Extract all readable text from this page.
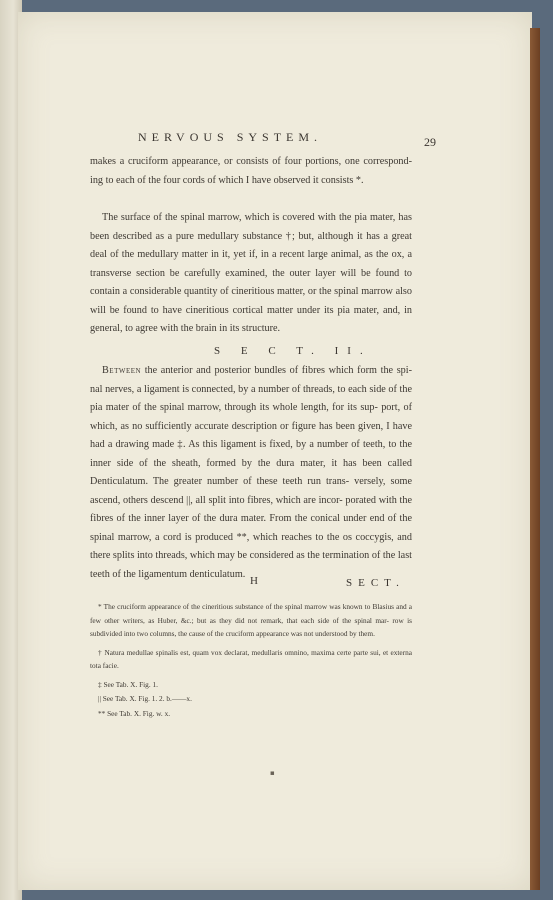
NERVOUS SYSTEM.	29
makes a cruciform appearance, or consists of four portions, one correspond- ing to each of the four cords of which I have observed it consists *.
The surface of the spinal marrow, which is covered with the pia mater, has been described as a pure medullary substance †; but, although it has a great deal of the medullary matter in it, yet if, in a recent large animal, as the ox, a transverse section be carefully examined, the outer layer will be found to contain a considerable quantity of cineritious matter, or the spinal marrow also will be found to have cineritious cortical matter under its pia mater, and, in general, to agree with the brain in its structure.
S E C T. II.
Between the anterior and posterior bundles of fibres which form the spi- nal nerves, a ligament is connected, by a number of threads, to each side of the pia mater of the spinal marrow, through its whole length, for its sup- port, of which, as no sufficiently accurate description or figure has been given, I have had a drawing made ‡. As this ligament is fixed, by a number of teeth, to the inner side of the sheath, formed by the dura mater, it has been called Denticulatum. The greater number of these teeth run trans- versely, some ascend, others descend ||, all split into fibres, which are incor- porated with the fibres of the inner layer of the dura mater. From the conical under end of the spinal marrow, a cord is produced **, which reaches to the os coccygis, and there splits into threads, which may be considered as the termination of the last teeth of the ligamentum denticulatum.
H	SECT.

* The cruciform appearance of the cineritious substance of the spinal marrow was known to Blasius and a few other writers, as Huber, &c.; but as they did not remark, that each side of the spinal mar- row is subdivided into two columns, the cause of the cruciform appearance was not understood by them.

† Natura medullae spinalis est, quam vox declarat, medullaris omnino, maxima certe parte sui, et externa tota facie.

‡ See Tab. X. Fig. 1.

|| See Tab. X. Fig. 1. 2. b.——x.

** See Tab. X. Fig. w. x.

▪
